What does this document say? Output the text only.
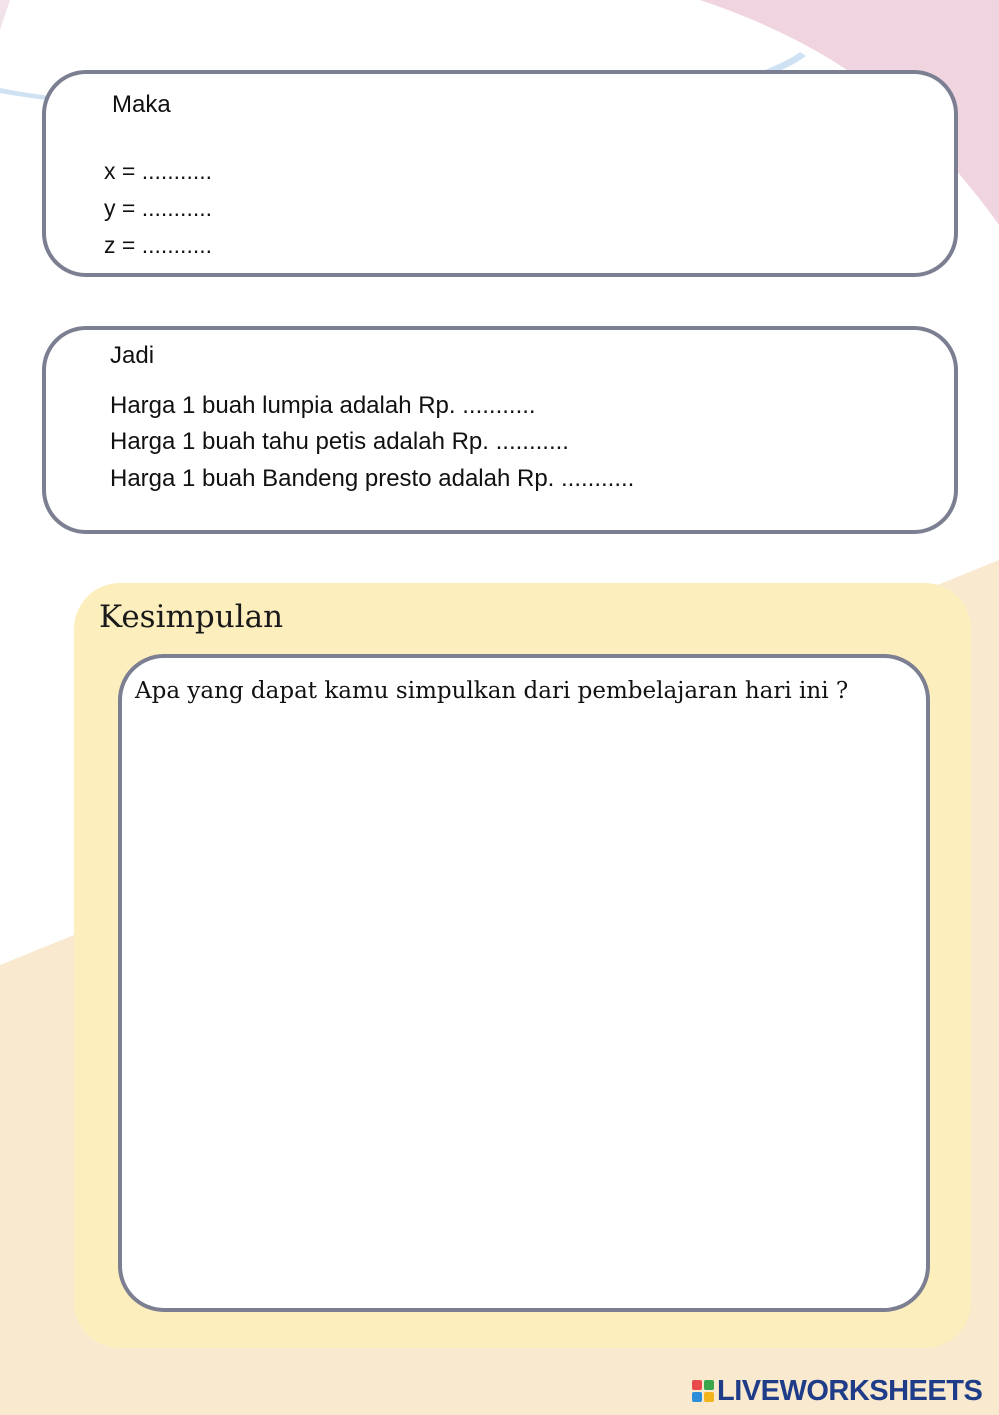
Maka
x = ...........
y = ...........
z = ...........
Jadi
Harga 1 buah lumpia adalah Rp. ...........
Harga 1 buah tahu petis adalah Rp. ...........
Harga 1 buah Bandeng presto adalah Rp. ...........
Kesimpulan
Apa yang dapat kamu simpulkan dari pembelajaran hari ini ?
LIVEWORKSHEETS
